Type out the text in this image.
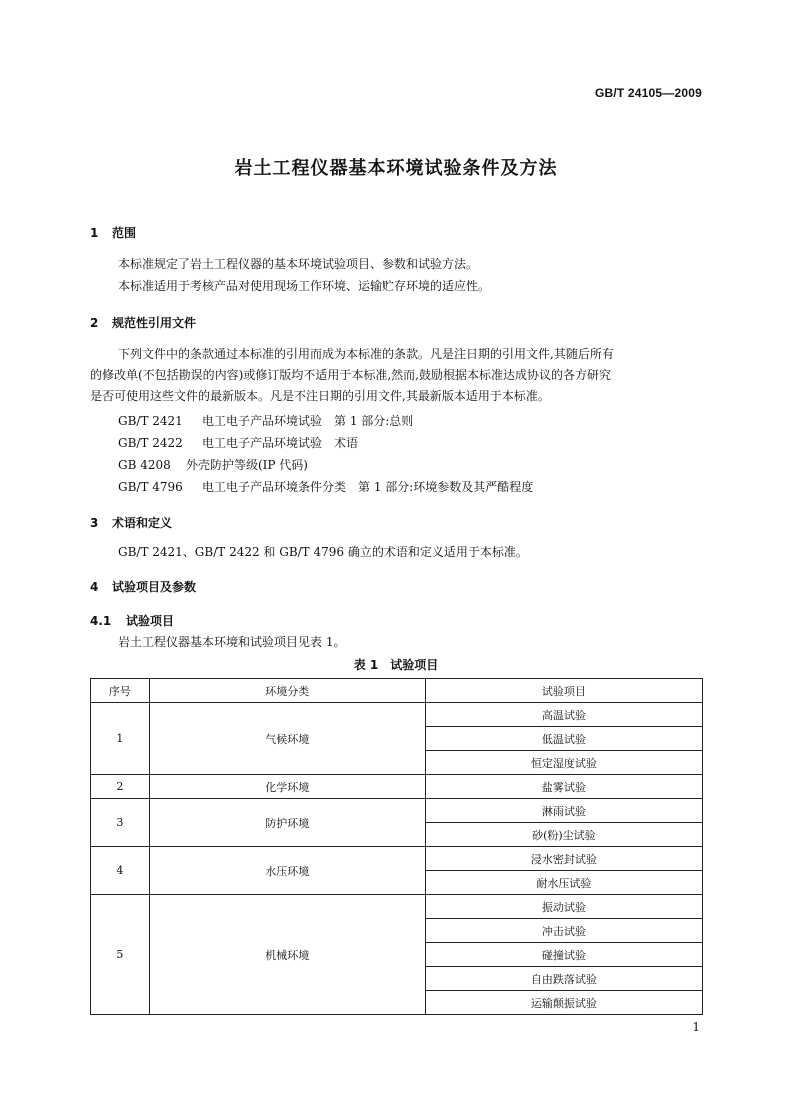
GB/T 24105—2009
岩土工程仪器基本环境试验条件及方法
1 范围
本标准规定了岩土工程仪器的基本环境试验项目、参数和试验方法。
本标准适用于考核产品对使用现场工作环境、运输贮存环境的适应性。
2 规范性引用文件
下列文件中的条款通过本标准的引用而成为本标准的条款。凡是注日期的引用文件,其随后所有
的修改单(不包括勘误的内容)或修订版均不适用于本标准,然而,鼓励根据本标准达成协议的各方研究
是否可使用这些文件的最新版本。凡是不注日期的引用文件,其最新版本适用于本标准。
GB/T 2421 电工电子产品环境试验　第 1 部分:总则
GB/T 2422 电工电子产品环境试验　术语
GB 4208 外壳防护等级(IP 代码)
GB/T 4796 电工电子产品环境条件分类　第 1 部分:环境参数及其严酷程度
3 术语和定义
GB/T 2421、GB/T 2422 和 GB/T 4796 确立的术语和定义适用于本标准。
4 试验项目及参数
4.1 试验项目
岩土工程仪器基本环境和试验项目见表 1。
表 1 试验项目
序号	环境分类	试验项目
1	气候环境	高温试验
		低温试验
		恒定湿度试验
2	化学环境	盐雾试验
3	防护环境	淋雨试验
		砂(粉)尘试验
4	水压环境	浸水密封试验
		耐水压试验
5	机械环境	振动试验
		冲击试验
		碰撞试验
		自由跌落试验
		运输颠振试验
1
